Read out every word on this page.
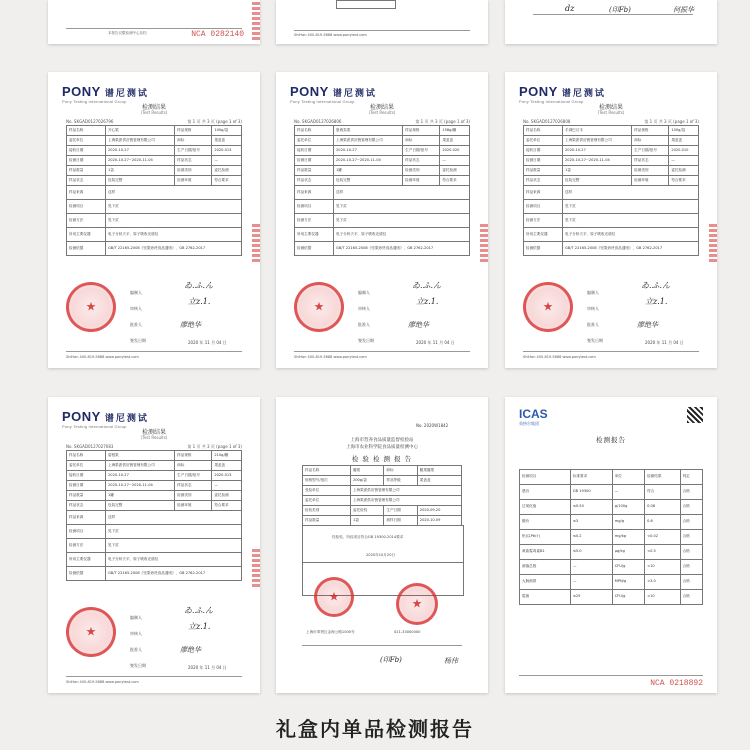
本报告仅限检测中心存档	NCA 0282140	ShiHan 400-819-5688 www.ponytest.com
dz	(印Fb)	何振华
PONY 谱尼测试
Pony Testing International Group
检测结果
(Test Results)
No. SKGAD0127026796	第 1 页 共 3 页 (page 1 of 3)
样品名称	开心果	样品规格	100g/袋
委托单位	上海果派供应链管理有限公司	商标	果盖盖
接收日期	2020-10-27	生产日期/批号	2020.013
检测日期	2020-10-27~2020-11-04	样品状态	—
样品数量	1袋	检测类别	委托检测
样品状态	包装完整	检测环境	符合要求
样品来源	送样		
检测项目	见下页		
检测方法	见下页		
所用主要仪器	电子分析天平、原子吸收光谱仪		
检测依据	GB/T 22165-2008《坚果炒货食品通则》、GB 2762-2017		
★
编制人
审核人
批准人
签发日期	2020 年 11 月 04 日
ゐ.ふ.ん
立z.1.
廖绝华
ShiHan 400-819-5688 www.ponytest.com
PONY 谱尼测试
Pony Testing International Group
检测结果
(Test Results)
No. SKGAD0127026806	第 1 页 共 3 页 (page 1 of 3)
样品名称	夏威夷果	样品规格	158g/罐
委托单位	上海果派供应链管理有限公司	商标	果盖盖
接收日期	2020-10-27	生产日期/批号	2020.020
检测日期	2020-10-27~2020-11-04	样品状态	—
样品数量	1罐	检测类别	委托检测
样品状态	包装完整	检测环境	符合要求
样品来源	送样		
检测项目	见下页		
检测方法	见下页		
所用主要仪器	电子分析天平、原子吸收光谱仪		
检测依据	GB/T 22165-2008《坚果炒货食品通则》、GB 2762-2017		
★
编制人
审核人
批准人
签发日期	2020 年 11 月 04 日
ゐ.ふ.ん
立z.1.
廖绝华
ShiHan 400-819-5688 www.ponytest.com
PONY 谱尼测试
Pony Testing International Group
检测结果
(Test Results)
No. SKGAD0127026808	第 1 页 共 3 页 (page 1 of 3)
样品名称	手剥巴旦木	样品规格	100g/袋
委托单位	上海果派供应链管理有限公司	商标	果盖盖
接收日期	2020-10-27	生产日期/批号	2020.010
检测日期	2020-10-27~2020-11-04	样品状态	—
样品数量	1袋	检测类别	委托检测
样品状态	包装完整	检测环境	符合要求
样品来源	送样		
检测项目	见下页		
检测方法	见下页		
所用主要仪器	电子分析天平、原子吸收光谱仪		
检测依据	GB/T 22165-2008《坚果炒货食品通则》、GB 2762-2017		
★
编制人
审核人
批准人
签发日期	2020 年 11 月 04 日
ゐ.ふ.ん
立z.1.
廖绝华
ShiHan 400-819-5688 www.ponytest.com
PONY 谱尼测试
Pony Testing International Group
检测结果
(Test Results)
No. SKGAD0127027083	第 1 页 共 3 页 (page 1 of 3)
样品名称	碧根果	样品规格	210g/罐
委托单位	上海果派供应链管理有限公司	商标	果盖盖
接收日期	2020-10-27	生产日期/批号	2020.013
检测日期	2020-10-27~2020-11-04	样品状态	—
样品数量	1罐	检测类别	委托检测
样品状态	包装完整	检测环境	符合要求
样品来源	送样		
检测项目	见下页		
检测方法	见下页		
所用主要仪器	电子分析天平、原子吸收光谱仪		
检测依据	GB/T 22165-2008《坚果炒货食品通则》、GB 2762-2017		
★
编制人
审核人
批准人
签发日期	2020 年 11 月 04 日
ゐ.ふ.ん
立z.1.
廖绝华
ShiHan 400-819-5688 www.ponytest.com
No. 2020W1842
上海市营养食品质量监督检验站
上海市农业科学院食品质量检测中心
检 验 检 测 报 告
样品名称	腰果	商标	腰果腰果
规格型号/批次	200g/袋	样品等级	果盖盖
受检单位	上海果派供应链管理有限公司		
委托单位	上海果派供应链管理有限公司		
检验类别	委托检验	生产日期	2020.09.20
样品数量	1袋	到样日期	2020.10.09
经检验，所检项目符合GB 19300-2014要求
2020年10月20日
★	★
上海市奉贤区金海公路1000号	021-33000000
(印Fb)	杨伟
ICAS
英格尔集团
检测报告
检测项目	标准要求	单位	检测结果	判定
感官	GB 19300	—	符合	合格
过氧化值	≤0.50	g/100g	0.08	合格
酸价	≤3	mg/g	0.6	合格
铅(以Pb计)	≤0.2	mg/kg	<0.02	合格
黄曲霉毒素B1	≤5.0	μg/kg	<0.5	合格
菌落总数	—	CFU/g	<10	合格
大肠菌群	—	MPN/g	<3.0	合格
霉菌	≤25	CFU/g	<10	合格
NCA 0218892
礼盒内单品检测报告
